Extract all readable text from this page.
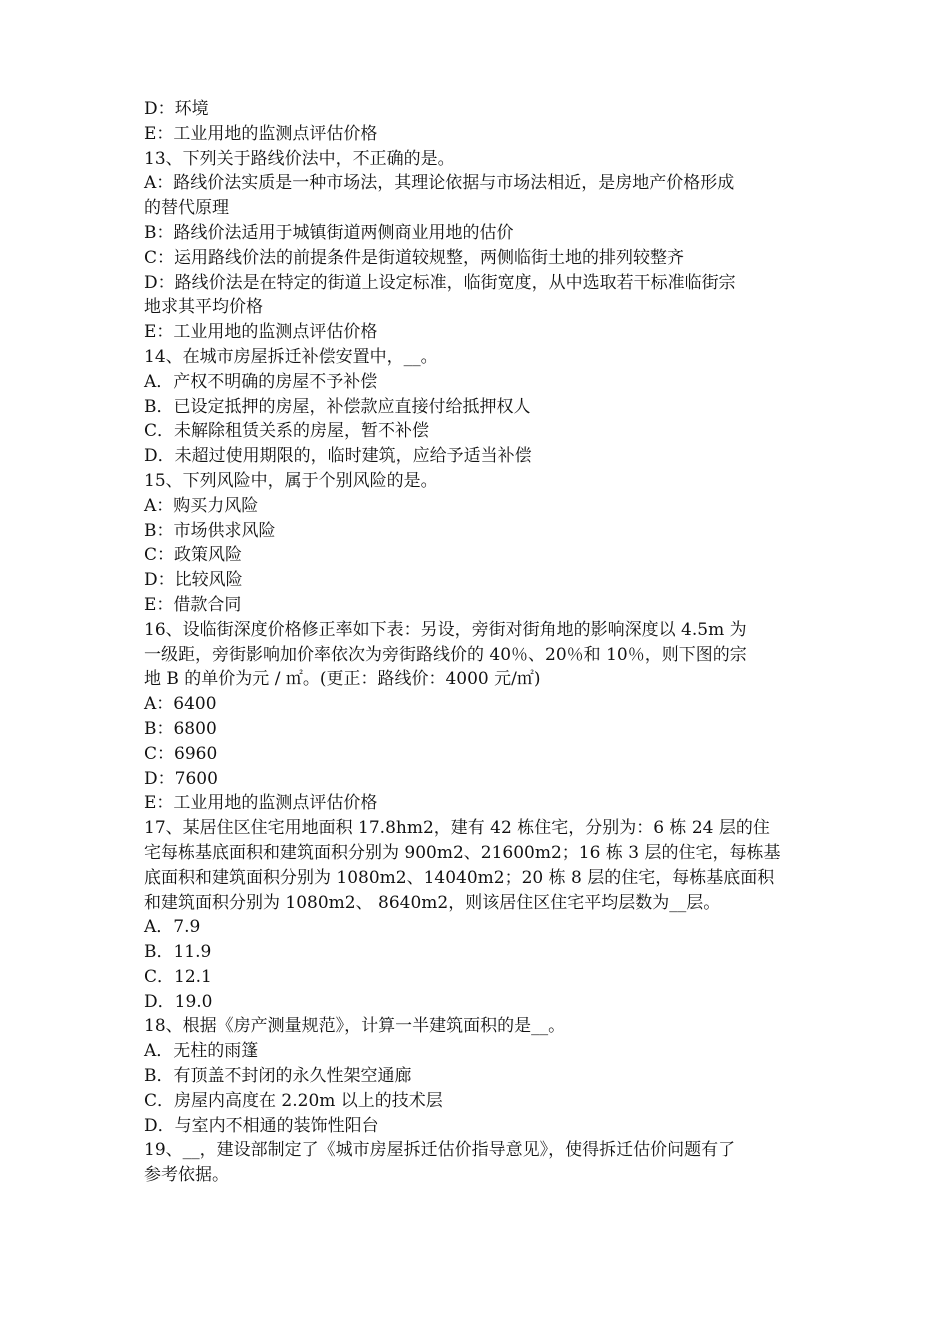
D：环境
E：工业用地的监测点评估价格
13、下列关于路线价法中，不正确的是。
A：路线价法实质是一种市场法，其理论依据与市场法相近，是房地产价格形成
的替代原理
B：路线价法适用于城镇街道两侧商业用地的估价
C：运用路线价法的前提条件是街道较规整，两侧临街土地的排列较整齐
D：路线价法是在特定的街道上设定标准，临街宽度，从中选取若干标准临街宗
地求其平均价格
E：工业用地的监测点评估价格
14、在城市房屋拆迁补偿安置中，__。
A．产权不明确的房屋不予补偿
B．已设定抵押的房屋，补偿款应直接付给抵押权人
C．未解除租赁关系的房屋，暂不补偿
D．未超过使用期限的，临时建筑，应给予适当补偿
15、下列风险中，属于个别风险的是。
A：购买力风险
B：市场供求风险
C：政策风险
D：比较风险
E：借款合同
16、设临街深度价格修正率如下表：另设，旁街对街角地的影响深度以 4.5m 为
一级距，旁街影响加价率依次为旁街路线价的 40％、20％和 10％，则下图的宗
地 B 的单价为元 / ㎡。(更正：路线价：4000 元/㎡)
A：6400
B：6800
C：6960
D：7600
E：工业用地的监测点评估价格
17、某居住区住宅用地面积 17.8hm2，建有 42 栋住宅，分别为：6 栋 24 层的住
宅每栋基底面积和建筑面积分别为 900m2、21600m2；16 栋 3 层的住宅，每栋基
底面积和建筑面积分别为 1080m2、14040m2；20 栋 8 层的住宅，每栋基底面积
和建筑面积分别为 1080m2、 8640m2，则该居住区住宅平均层数为__层。
A．7.9
B．11.9
C．12.1
D．19.0
18、根据《房产测量规范》，计算一半建筑面积的是__。
A．无柱的雨篷
B．有顶盖不封闭的永久性架空通廊
C．房屋内高度在 2.20m 以上的技术层
D．与室内不相通的装饰性阳台
19、__，建设部制定了《城市房屋拆迁估价指导意见》，使得拆迁估价问题有了
参考依据。
